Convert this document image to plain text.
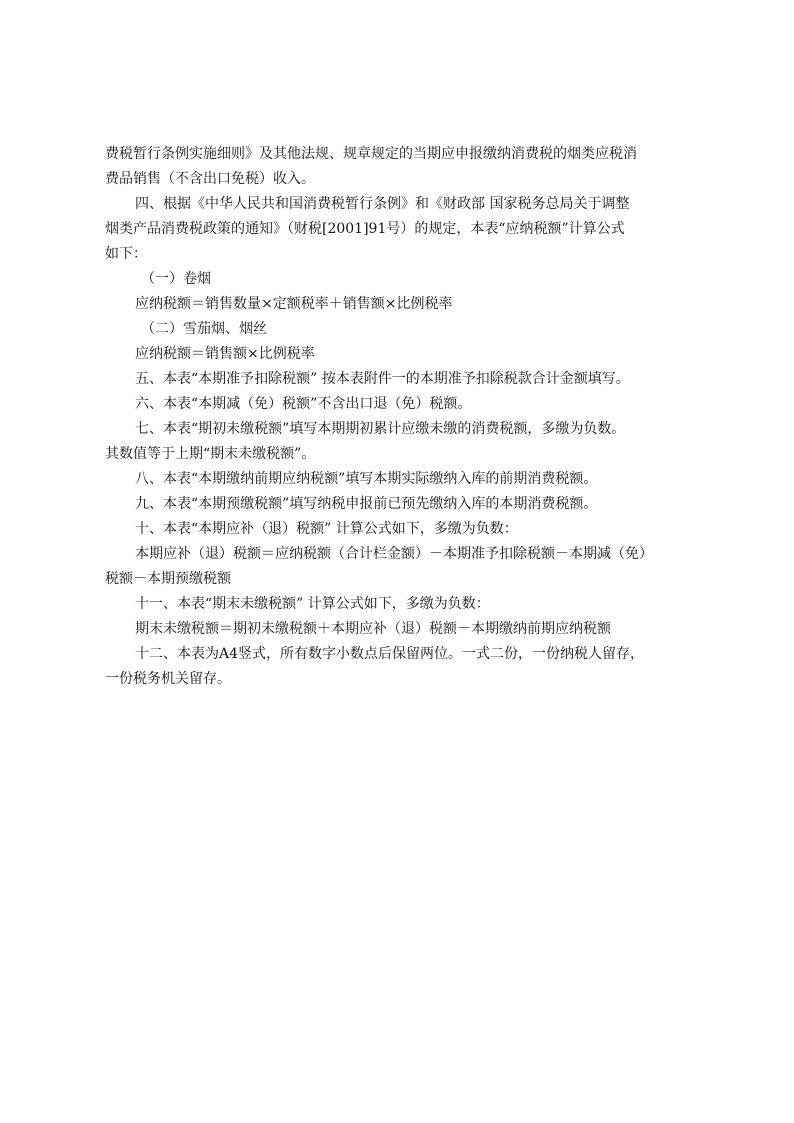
费税暂行条例实施细则》及其他法规、规章规定的当期应申报缴纳消费税的烟类应税消
费品销售（不含出口免税）收入。
四、根据《中华人民共和国消费税暂行条例》和《财政部 国家税务总局关于调整
烟类产品消费税政策的通知》（财税[2001]91号）的规定，本表“应纳税额”计算公式
如下：
（一）卷烟
应纳税额＝销售数量×定额税率＋销售额×比例税率
（二）雪茄烟、烟丝
应纳税额＝销售额×比例税率
五、本表“本期准予扣除税额” 按本表附件一的本期准予扣除税款合计金额填写。
六、本表“本期减（免）税额”不含出口退（免）税额。
七、本表“期初未缴税额”填写本期期初累计应缴未缴的消费税额，多缴为负数。
其数值等于上期“期末未缴税额”。
八、本表“本期缴纳前期应纳税额”填写本期实际缴纳入库的前期消费税额。
九、本表“本期预缴税额”填写纳税申报前已预先缴纳入库的本期消费税额。
十、本表“本期应补（退）税额” 计算公式如下，多缴为负数：
本期应补（退）税额＝应纳税额（合计栏金额）－本期准予扣除税额－本期减（免）
税额－本期预缴税额
十一、本表“期末未缴税额” 计算公式如下，多缴为负数：
期末未缴税额＝期初未缴税额＋本期应补（退）税额－本期缴纳前期应纳税额
十二、本表为A4竖式，所有数字小数点后保留两位。一式二份，一份纳税人留存，
一份税务机关留存。
